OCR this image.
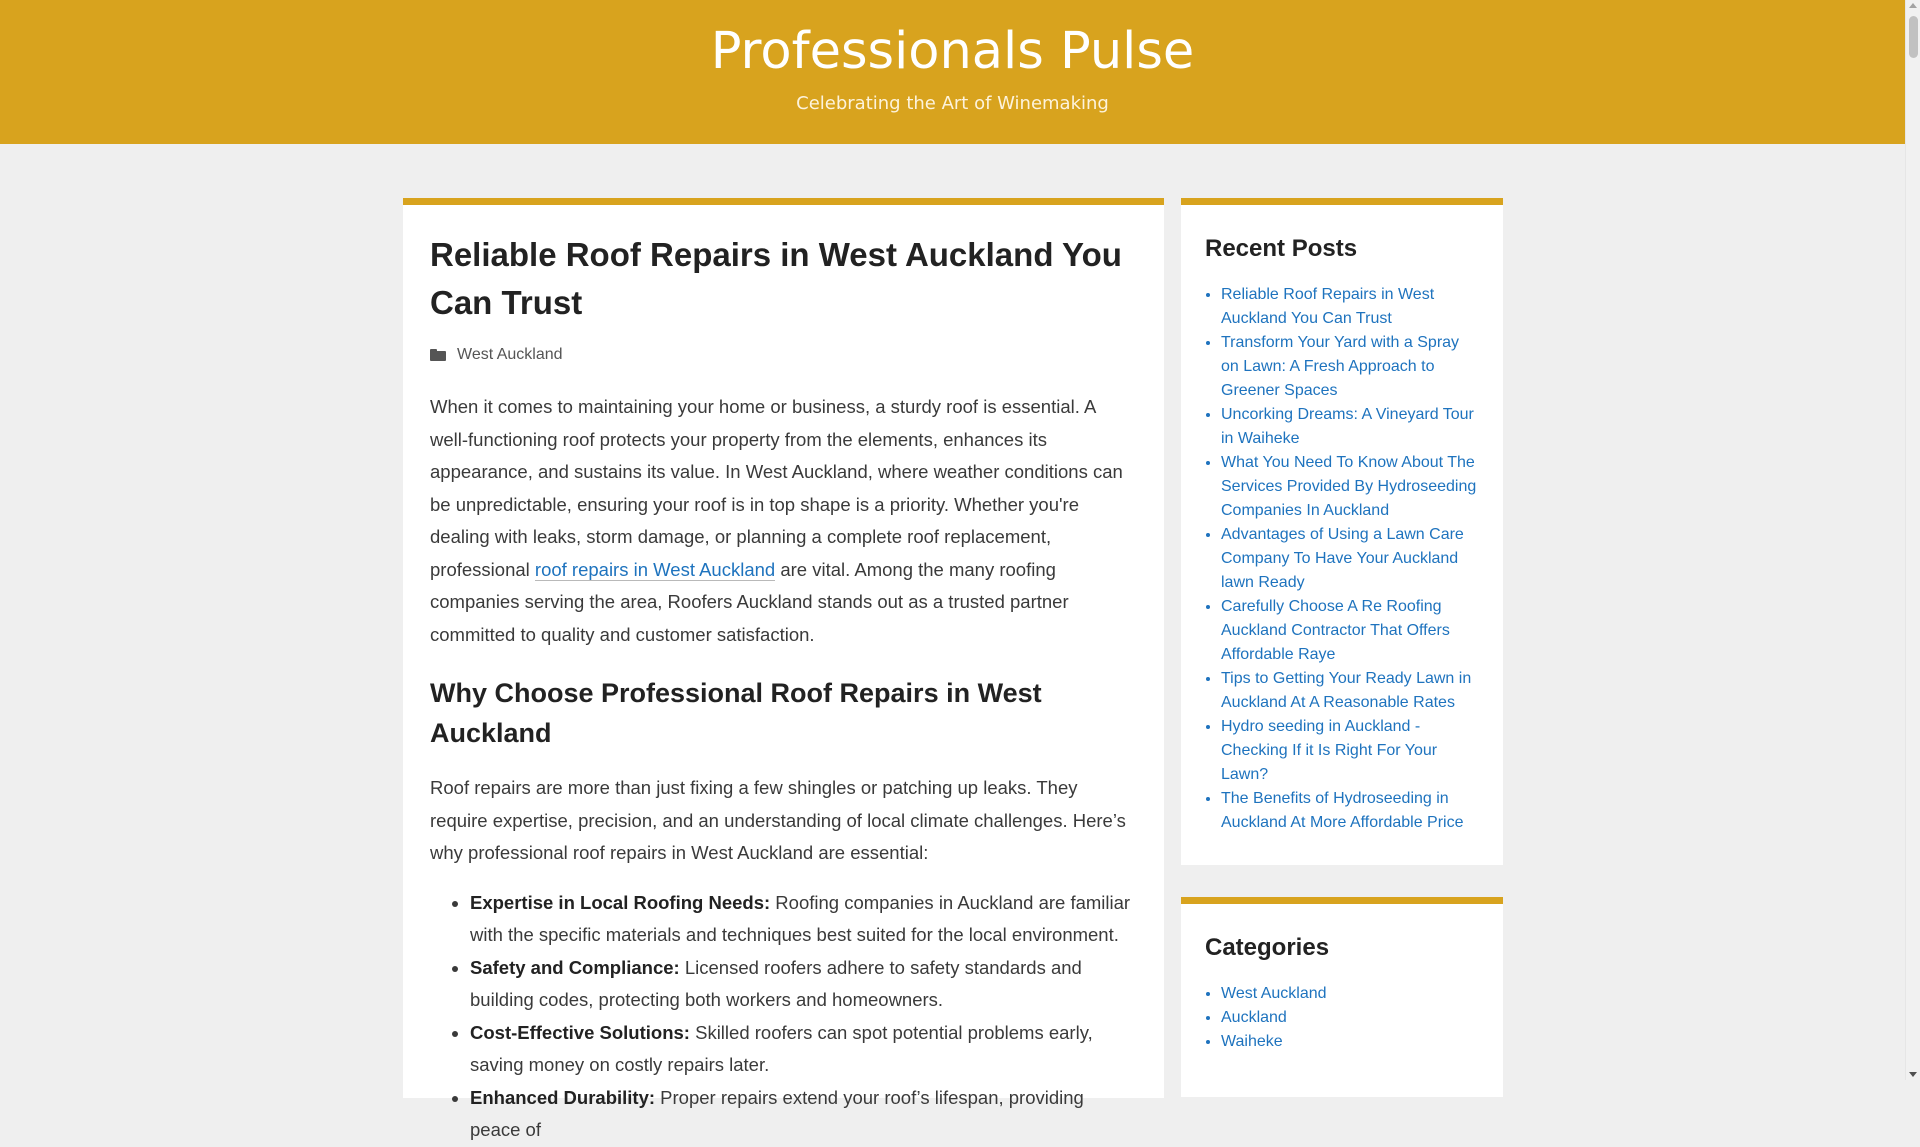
Professionals Pulse

Celebrating the Art of Winemaking

Reliable Roof Repairs in West Auckland You Can Trust
West Auckland

When it comes to maintaining your home or business, a sturdy roof is essential. A well-functioning roof protects your property from the elements, enhances its appearance, and sustains its value. In West Auckland, where weather conditions can be unpredictable, ensuring your roof is in top shape is a priority. Whether you're dealing with leaks, storm damage, or planning a complete roof replacement, professional roof repairs in West Auckland are vital. Among the many roofing companies serving the area, Roofers Auckland stands out as a trusted partner committed to quality and customer satisfaction.

Why Choose Professional Roof Repairs in West Auckland

Roof repairs are more than just fixing a few shingles or patching up leaks. They require expertise, precision, and an understanding of local climate challenges. Here’s why professional roof repairs in West Auckland are essential:

• Expertise in Local Roofing Needs: Roofing companies in Auckland are familiar with the specific materials and techniques best suited for the local environment.
• Safety and Compliance: Licensed roofers adhere to safety standards and building codes, protecting both workers and homeowners.
• Cost-Effective Solutions: Skilled roofers can spot potential problems early, saving money on costly repairs later.
• Enhanced Durability: Proper repairs extend your roof’s lifespan, providing peace of
Recent Posts
• Reliable Roof Repairs in West Auckland You Can Trust
• Transform Your Yard with a Spray on Lawn: A Fresh Approach to Greener Spaces
• Uncorking Dreams: A Vineyard Tour in Waiheke
• What You Need To Know About The Services Provided By Hydroseeding Companies In Auckland
• Advantages of Using a Lawn Care Company To Have Your Auckland lawn Ready
• Carefully Choose A Re Roofing Auckland Contractor That Offers Affordable Raye
• Tips to Getting Your Ready Lawn in Auckland At A Reasonable Rates
• Hydro seeding in Auckland - Checking If it Is Right For Your Lawn?
• The Benefits of Hydroseeding in Auckland At More Affordable Price
Categories
• West Auckland
• Auckland
• Waiheke
